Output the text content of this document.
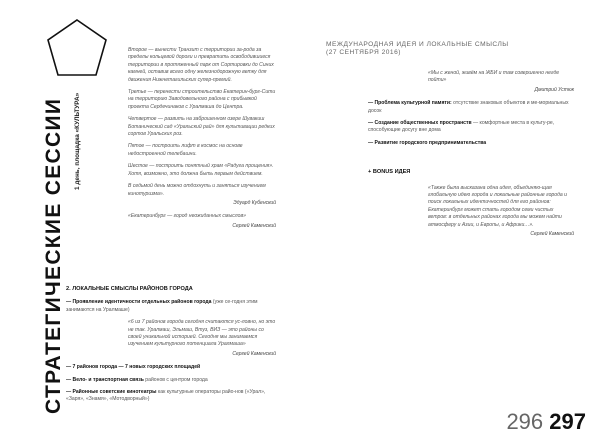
СТРАТЕГИЧЕСКИЕ СЕССИИ 1 день, площадка «КУЛЬТУРА»

Второе — вынести Транзит с территории за-рода за пределы кольцевой дороги и превратить освободившиеся территории в протяженный парк от Сортировки до Синих камней, оставив всего одну железнодорожную ветку для движения Нижнетагильских супер-премий.

Третье — перенести строительство Екатерин-бург-Сити на территорию Заводовельного района с прибывкой проекта Сердечинаков с Уралмаша до Центра.

Четвертое — развить на заброшенном озере Шувакиш Ботанический сад «Уральский рай» для культивации редких сортов Уральских роз.

Пятое — построить лифт в космос на основе недостроенной телебашни.

Шестое — построить понятный храм «Радуга прощения». Хотя, возможно, это должна быть первым действием.

В седьмой день можно отдохнуть и заняться изучением кинотуризма».

Эдуард Кубенский

«Екатеринбург — город неожиданных смыслов»

Сергей Каменский
2. ЛОКАЛЬНЫЕ СМЫСЛЫ РАЙОНОВ ГОРОДА

— Проявление идентичности отдельных районов города (уже се-годня этим занимаются на Уралмаше)

«6 из 7 районов города сегодня считаются ус-ловно, но это не так. Уралмаш, Эльмаш, Втуз, ВИЗ — это районы со своей уникальной историей. Сегодня мы занимаемся изучением культурного потенциала Уралмаша»

Сергей Каменский

— 7 районов города — 7 новых городских площадей

— Вело- и транспортная связь районов с центром города

— Районные советские кинотеатры как культурные операторы райо-нов («Урал», «Заря», «Знамя», «Мотодворный»)

МЕЖДУНАРОДНАЯ ИДЕЯ И ЛОКАЛЬНЫЕ СМЫСЛЫ
(27 СЕНТЯБРЯ 2016)

«Мы с женой, живём на ЖБИ и там совершенно негде пойти»

Дмитрий Устюк

— Проблема культурной памяти: отсутствие знаковых объектов и ме-мориальных досок

— Создание общественных пространств — комфортные места в культу-ре, способующие досугу вне дома

— Развитие городского предпринимательства

+ BONUS ИДЕЯ

«Также была высказана одна идея, объединяю-щая глобальную идею города и локальные районные города и поиск локальных идентичностей для его районов: Екатеринбург может стать городом семи чистых ветров: в отдельных районах города мы можем найти атмосферу и Азии, и Европы, и Африки…».

Сергей Каменский
296 297
